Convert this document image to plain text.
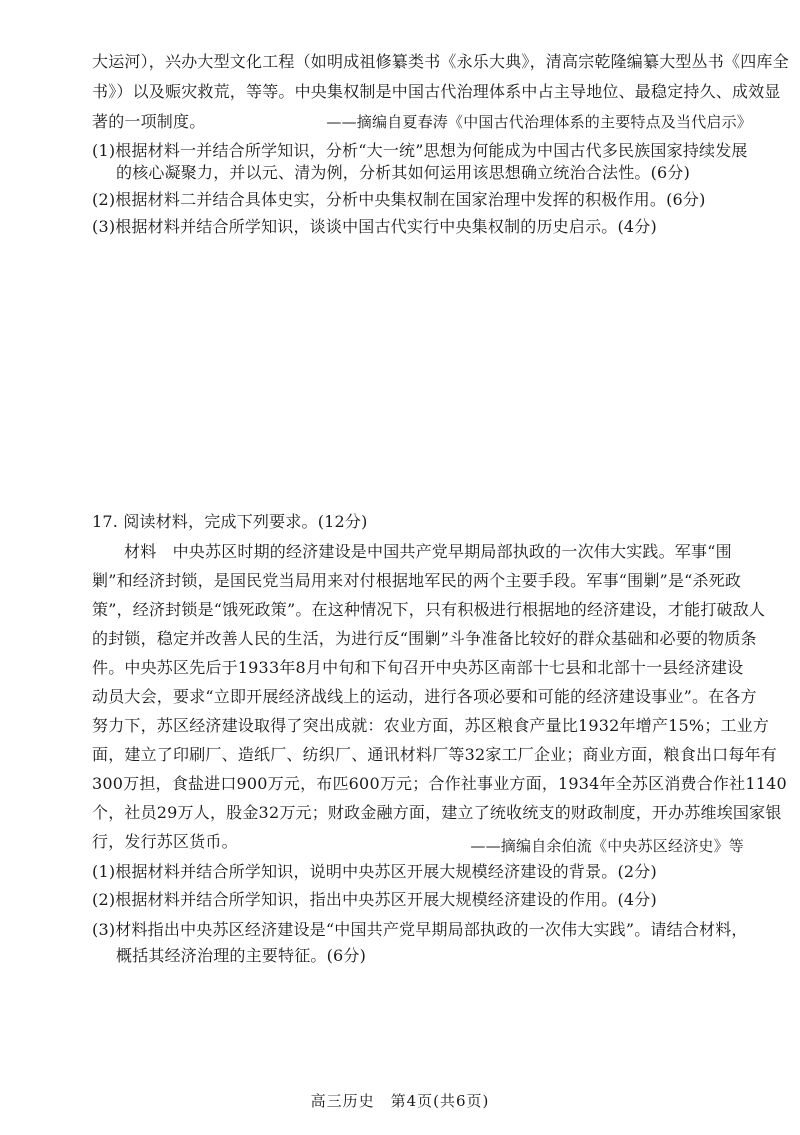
大运河），兴办大型文化工程（如明成祖修纂类书《永乐大典》，清高宗乾隆编纂大型丛书《四库全
书》）以及赈灾救荒，等等。中央集权制是中国古代治理体系中占主导地位、最稳定持久、成效显
著的一项制度。	——摘编自夏春涛《中国古代治理体系的主要特点及当代启示》
(1)根据材料一并结合所学知识，分析“大一统”思想为何能成为中国古代多民族国家持续发展
的核心凝聚力，并以元、清为例，分析其如何运用该思想确立统治合法性。(6分)
(2)根据材料二并结合具体史实，分析中央集权制在国家治理中发挥的积极作用。(6分)
(3)根据材料并结合所学知识，谈谈中国古代实行中央集权制的历史启示。(4分)
17. 阅读材料，完成下列要求。(12分)
材料　中央苏区时期的经济建设是中国共产党早期局部执政的一次伟大实践。军事“围
剿”和经济封锁，是国民党当局用来对付根据地军民的两个主要手段。军事“围剿”是“杀死政
策”，经济封锁是“饿死政策”。在这种情况下，只有积极进行根据地的经济建设，才能打破敌人
的封锁，稳定并改善人民的生活，为进行反“围剿”斗争准备比较好的群众基础和必要的物质条
件。中央苏区先后于1933年8月中旬和下旬召开中央苏区南部十七县和北部十一县经济建设
动员大会，要求“立即开展经济战线上的运动，进行各项必要和可能的经济建设事业”。在各方
努力下，苏区经济建设取得了突出成就：农业方面，苏区粮食产量比1932年增产15%；工业方
面，建立了印刷厂、造纸厂、纺织厂、通讯材料厂等32家工厂企业；商业方面，粮食出口每年有
300万担，食盐进口900万元，布匹600万元；合作社事业方面，1934年全苏区消费合作社1140
个，社员29万人，股金32万元；财政金融方面，建立了统收统支的财政制度，开办苏维埃国家银
行，发行苏区货币。	——摘编自余伯流《中央苏区经济史》等
(1)根据材料并结合所学知识，说明中央苏区开展大规模经济建设的背景。(2分)
(2)根据材料并结合所学知识，指出中央苏区开展大规模经济建设的作用。(4分)
(3)材料指出中央苏区经济建设是“中国共产党早期局部执政的一次伟大实践”。请结合材料，
概括其经济治理的主要特征。(6分)
高三历史　第4页(共6页)
